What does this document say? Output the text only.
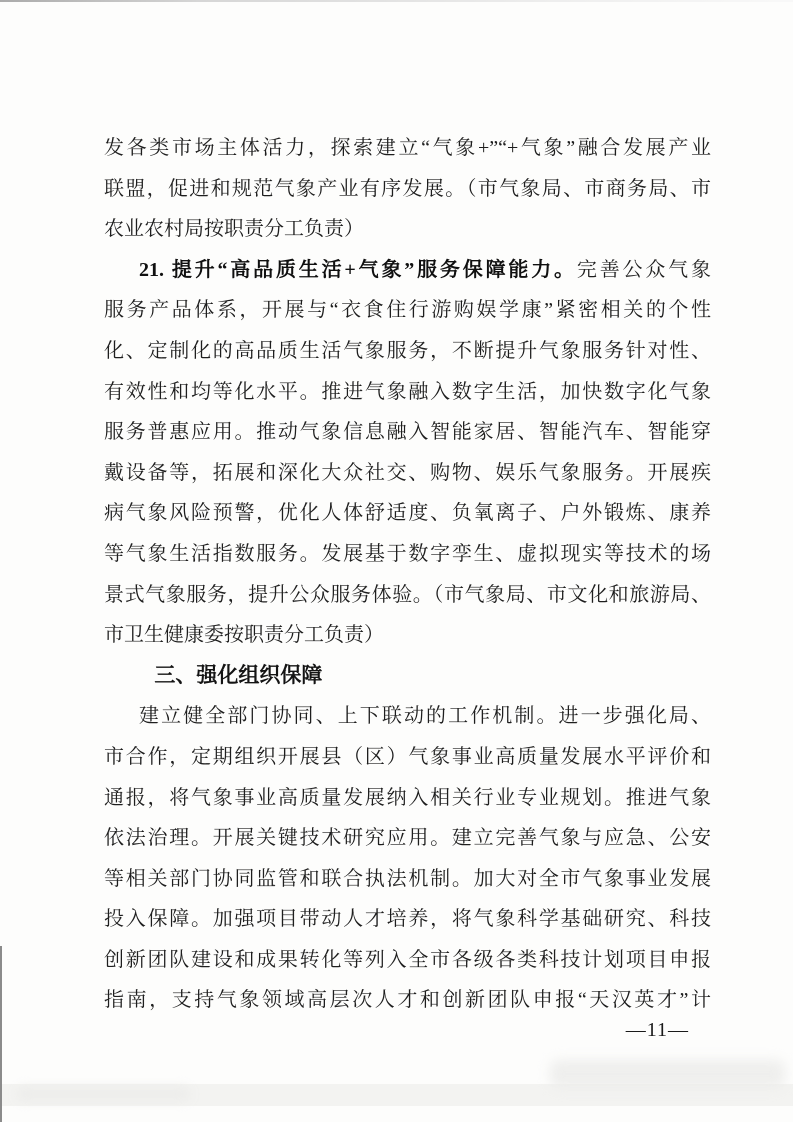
发各类市场主体活力，探索建立“气象+”“+气象”融合发展产业
联盟，促进和规范气象产业有序发展。（市气象局、市商务局、市
农业农村局按职责分工负责）
21. 提升“高品质生活+气象”服务保障能力。完善公众气象
服务产品体系，开展与“衣食住行游购娱学康”紧密相关的个性
化、定制化的高品质生活气象服务，不断提升气象服务针对性、
有效性和均等化水平。推进气象融入数字生活，加快数字化气象
服务普惠应用。推动气象信息融入智能家居、智能汽车、智能穿
戴设备等，拓展和深化大众社交、购物、娱乐气象服务。开展疾
病气象风险预警，优化人体舒适度、负氧离子、户外锻炼、康养
等气象生活指数服务。发展基于数字孪生、虚拟现实等技术的场
景式气象服务，提升公众服务体验。（市气象局、市文化和旅游局、
市卫生健康委按职责分工负责）
三、强化组织保障
建立健全部门协同、上下联动的工作机制。进一步强化局、
市合作，定期组织开展县（区）气象事业高质量发展水平评价和
通报，将气象事业高质量发展纳入相关行业专业规划。推进气象
依法治理。开展关键技术研究应用。建立完善气象与应急、公安
等相关部门协同监管和联合执法机制。加大对全市气象事业发展
投入保障。加强项目带动人才培养，将气象科学基础研究、科技
创新团队建设和成果转化等列入全市各级各类科技计划项目申报
指南，支持气象领域高层次人才和创新团队申报“天汉英才”计
—11—
